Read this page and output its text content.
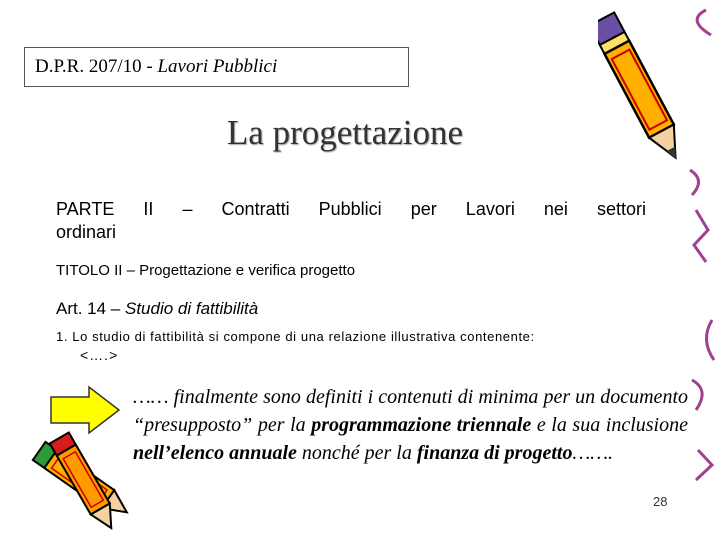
D.P.R. 207/10 - Lavori Pubblici
La progettazione
PARTE II – Contratti Pubblici per Lavori nei settori
ordinari
TITOLO II – Progettazione e verifica progetto
Art. 14 – Studio di fattibilità
1. Lo studio di fattibilità si compone di una relazione illustrativa contenente:
<….>
…… finalmente sono definiti i contenuti di minima per un documento “presupposto” per la programmazione triennale e la sua inclusione nell’elenco annuale nonché per la finanza di progetto…….
28
